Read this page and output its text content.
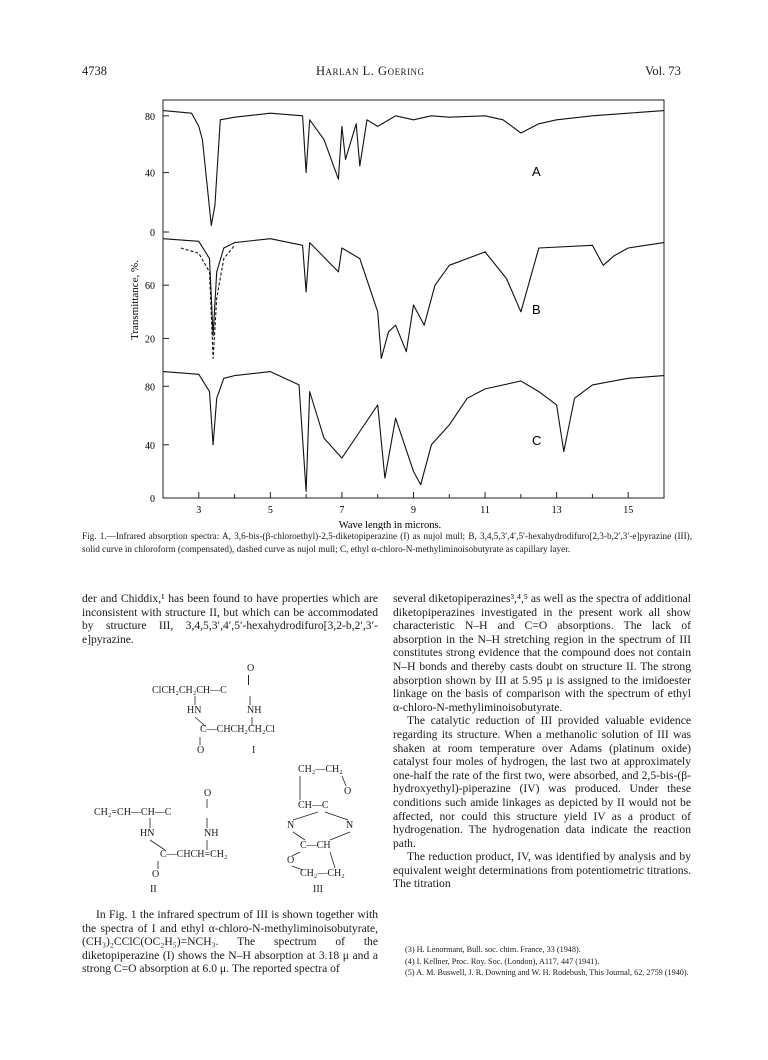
4738	Harlan L. Goering	Vol. 73
80
40
0
60
20
80
40
0
3	5	7	9	11	13	15
Transmittance, %.
Wave length in microns.
A
B
C
Fig. 1.—Infrared absorption spectra: A, 3,6-bis-(β-chloroethyl)-2,5-diketopiperazine (I) as nujol mull; B, 3,4,5,3′,4′,5′-hexahydrodifuro[2,3-b,2′,3′-e]pyrazine (III), solid curve in chloroform (compensated), dashed curve as nujol mull; C, ethyl α-chloro-N-methyliminoisobutyrate as capillary layer.

der and Chiddix,¹ has been found to have properties which are inconsistent with structure II, but which can be accommodated by structure III, 3,4,5,3′,4′,5′-hexahydrodifuro[3,2-b,2′,3′-e]pyrazine.

O
ClCH₂CH₂CH—C
HN	NH
C—CHCH₂CH₂Cl
O	I
O
CH₂=CH—CH—C
HN	NH
C—CHCH=CH₂
O
II
CH₂—CH₂
O
CH—C
N	N
C—CH
O
CH₂—CH₂
III

In Fig. 1 the infrared spectrum of III is shown together with the spectra of I and ethyl α-chloro-N-methyliminoisobutyrate, (CH₃)₂CClC(OC₂H₅)=NCH₃. The spectrum of the diketopiperazine (I) shows the N–H absorption at 3.18 μ and a strong C=O absorption at 6.0 μ. The reported spectra of

several diketopiperazines³,⁴,⁵ as well as the spectra of additional diketopiperazines investigated in the present work all show characteristic N–H and C=O absorptions. The lack of absorption in the N–H stretching region in the spectrum of III constitutes strong evidence that the compound does not contain N–H bonds and thereby casts doubt on structure II. The strong absorption shown by III at 5.95 μ is assigned to the imidoester linkage on the basis of comparison with the spectrum of ethyl α-chloro-N-methyliminoisobutyrate.

The catalytic reduction of III provided valuable evidence regarding its structure. When a methanolic solution of III was shaken at room temperature over Adams (platinum oxide) catalyst four moles of hydrogen, the last two at approximately one-half the rate of the first two, were absorbed, and 2,5-bis-(β-hydroxyethyl)-piperazine (IV) was produced. Under these conditions such amide linkages as depicted by II would not be affected, nor could this structure yield IV as a product of hydrogenation. The hydrogenation data indicate the reaction path.

The reduction product, IV, was identified by analysis and by equivalent weight determinations from potentiometric titrations. The titration

(3) H. Lenormant, Bull. soc. chim. France, 33 (1948).
(4) I. Kellner, Proc. Roy. Soc. (London), A117, 447 (1941).
(5) A. M. Buswell, J. R. Downing and W. H. Rodebush, This Journal, 62, 2759 (1940).
